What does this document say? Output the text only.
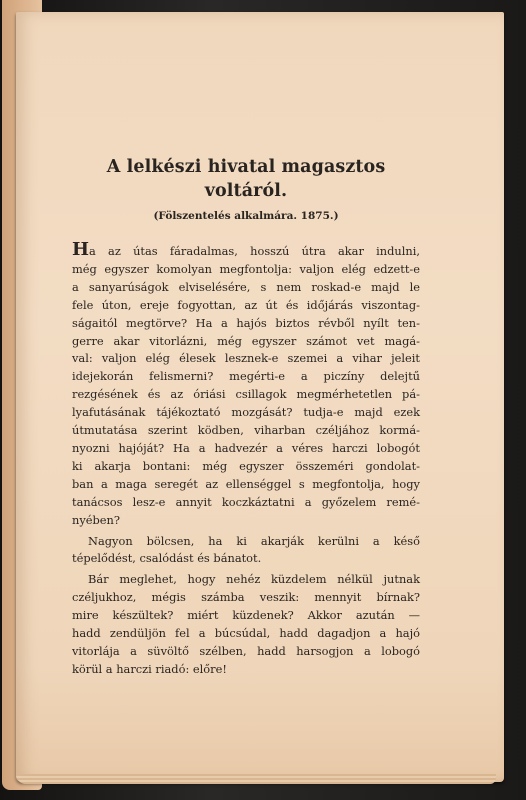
A lelkészi hivatal magasztos
voltáról.

(Fölszentelés alkalmára. 1875.)

Ha az útas fáradalmas, hosszú útra akar indulni,
még egyszer komolyan megfontolja: valjon elég edzett-e
a sanyarúságok elviselésére, s nem roskad-e majd le
fele úton, ereje fogyottan, az út és időjárás viszontag-
ságaitól megtörve? Ha a hajós biztos révből nyílt ten-
gerre akar vitorlázni, még egyszer számot vet magá-
val: valjon elég élesek lesznek-e szemei a vihar jeleit
idejekorán felismerni? megérti-e a piczíny delejtű
rezgésének és az óriási csillagok megmérhetetlen pá-
lyafutásának tájékoztató mozgását? tudja-e majd ezek
útmutatása szerint ködben, viharban czéljához kormá-
nyozni hajóját? Ha a hadvezér a véres harczi lobogót
ki akarja bontani: még egyszer összeméri gondolat-
ban a maga seregét az ellenséggel s megfontolja, hogy
tanácsos lesz-e annyit koczkáztatni a győzelem remé-
nyében?
Nagyon bölcsen, ha ki akarják kerülni a késő
tépelődést, csalódást és bánatot.
Bár meglehet, hogy nehéz küzdelem nélkül jutnak
czéljukhoz, mégis számba veszik: mennyit bírnak?
mire készültek? miért küzdenek? Akkor azután —
hadd zendüljön fel a búcsúdal, hadd dagadjon a hajó
vitorlája a süvöltő szélben, hadd harsogjon a lobogó
körül a harczi riadó: előre!
